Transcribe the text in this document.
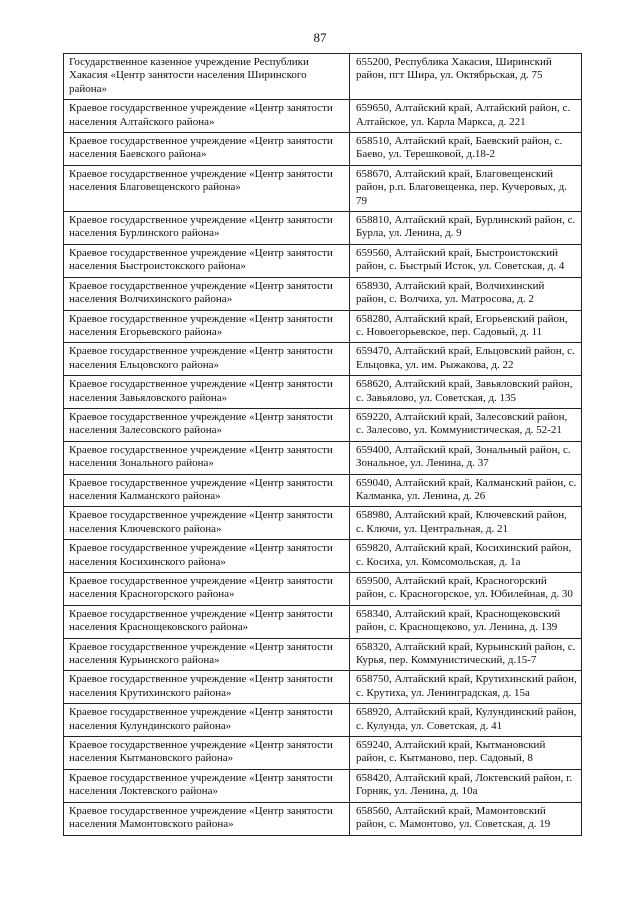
87
Государственное казенное учреждение Республики Хакасия «Центр занятости населения Ширинского района»	655200, Республика Хакасия, Ширинский район, пгт Шира, ул. Октябрьская, д. 75
Краевое государственное учреждение «Центр занятости населения Алтайского района»	659650, Алтайский край, Алтайский район, с. Алтайское, ул. Карла Маркса, д. 221
Краевое государственное учреждение «Центр занятости населения Баевского района»	658510, Алтайский край, Баевский район, с. Баево, ул. Терешковой, д.18-2
Краевое государственное учреждение «Центр занятости населения Благовещенского района»	658670, Алтайский край, Благовещенский район, р.п. Благовещенка, пер. Кучеровых, д. 79
Краевое государственное учреждение «Центр занятости населения Бурлинского района»	658810, Алтайский край, Бурлинский район, с. Бурла, ул. Ленина, д. 9
Краевое государственное учреждение «Центр занятости населения Быстроистокского района»	659560, Алтайский край, Быстроистокский район, с. Быстрый Исток, ул. Советская, д. 4
Краевое государственное учреждение «Центр занятости населения Волчихинского района»	658930, Алтайский край, Волчихинский район, с. Волчиха, ул. Матросова, д. 2
Краевое государственное учреждение «Центр занятости населения Егорьевского района»	658280, Алтайский край, Егорьевский район, с. Новоегорьевское, пер. Садовый, д. 11
Краевое государственное учреждение «Центр занятости населения Ельцовского района»	659470, Алтайский край, Ельцовский район, с. Ельцовка, ул. им. Рыжакова, д. 22
Краевое государственное учреждение «Центр занятости населения Завьяловского района»	658620, Алтайский край, Завьяловский район, с. Завьялово, ул. Советская, д. 135
Краевое государственное учреждение «Центр занятости населения Залесовского района»	659220, Алтайский край, Залесовский район, с. Залесово, ул. Коммунистическая, д. 52-21
Краевое государственное учреждение «Центр занятости населения Зонального района»	659400, Алтайский край, Зональный район, с. Зональное, ул. Ленина, д. 37
Краевое государственное учреждение «Центр занятости населения Калманского района»	659040, Алтайский край, Калманский район, с. Калманка, ул. Ленина, д. 26
Краевое государственное учреждение «Центр занятости населения Ключевского района»	658980, Алтайский край, Ключевский район, с. Ключи, ул. Центральная, д. 21
Краевое государственное учреждение «Центр занятости населения Косихинского района»	659820, Алтайский край, Косихинский район, с. Косиха, ул. Комсомольская, д. 1а
Краевое государственное учреждение «Центр занятости населения Красногорского района»	659500, Алтайский край, Красногорский район, с. Красногорское, ул. Юбилейная, д. 30
Краевое государственное учреждение «Центр занятости населения Краснощековского района»	658340, Алтайский край, Краснощековский район, с. Краснощеково, ул. Ленина, д. 139
Краевое государственное учреждение «Центр занятости населения Курьинского района»	658320, Алтайский край, Курьинский район, с. Курья, пер. Коммунистический, д.15-7
Краевое государственное учреждение «Центр занятости населения Крутихинского района»	658750, Алтайский край, Крутихинский район, с. Крутиха, ул. Ленинградская, д. 15а
Краевое государственное учреждение «Центр занятости населения Кулундинского района»	658920, Алтайский край, Кулундинский район, с. Кулунда, ул. Советская, д. 41
Краевое государственное учреждение «Центр занятости населения Кытмановского района»	659240, Алтайский край, Кытмановский район, с. Кытманово, пер. Садовый, 8
Краевое государственное учреждение «Центр занятости населения Локтевского района»	658420, Алтайский край, Локтевский район, г. Горняк, ул. Ленина, д. 10а
Краевое государственное учреждение «Центр занятости населения Мамонтовского района»	658560, Алтайский край, Мамонтовский район, с. Мамонтово, ул. Советская, д. 19
